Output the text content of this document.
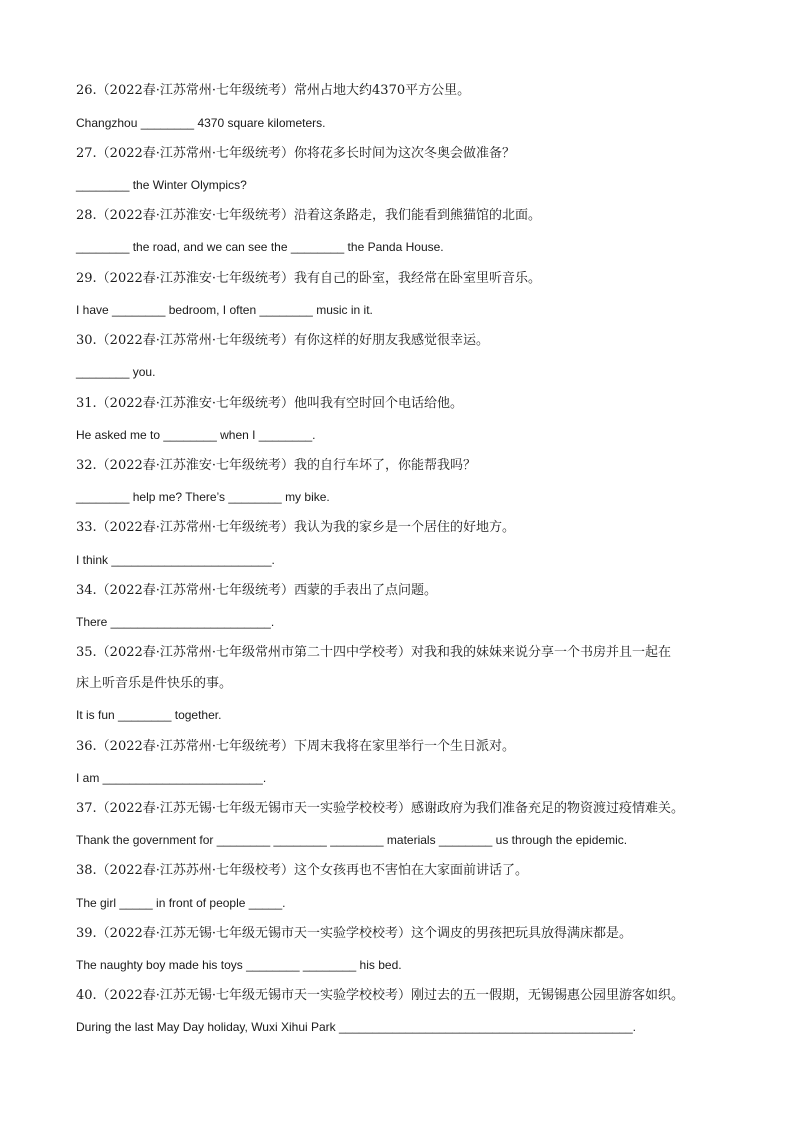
26.（2022春·江苏常州·七年级统考）常州占地大约4370平方公里。
Changzhou ________ 4370 square kilometers.
27.（2022春·江苏常州·七年级统考）你将花多长时间为这次冬奥会做准备？
________ the Winter Olympics?
28.（2022春·江苏淮安·七年级统考）沿着这条路走，我们能看到熊猫馆的北面。
________ the road, and we can see the ________ the Panda House.
29.（2022春·江苏淮安·七年级统考）我有自己的卧室，我经常在卧室里听音乐。
I have ________ bedroom, I often ________ music in it.
30.（2022春·江苏常州·七年级统考）有你这样的好朋友我感觉很幸运。
________ you.
31.（2022春·江苏淮安·七年级统考）他叫我有空时回个电话给他。
He asked me to ________ when I ________.
32.（2022春·江苏淮安·七年级统考）我的自行车坏了，你能帮我吗？
________ help me? There’s ________ my bike.
33.（2022春·江苏常州·七年级统考）我认为我的家乡是一个居住的好地方。
I think ________________________.
34.（2022春·江苏常州·七年级统考）西蒙的手表出了点问题。
There ________________________.
35.（2022春·江苏常州·七年级常州市第二十四中学校考）对我和我的妹妹来说分享一个书房并且一起在
床上听音乐是件快乐的事。
It is fun ________ together.
36.（2022春·江苏常州·七年级统考）下周末我将在家里举行一个生日派对。
I am ________________________.
37.（2022春·江苏无锡·七年级无锡市天一实验学校校考）感谢政府为我们准备充足的物资渡过疫情难关。
Thank the government for ________ ________ ________ materials ________ us through the epidemic.
38.（2022春·江苏苏州·七年级校考）这个女孩再也不害怕在大家面前讲话了。
The girl _____ in front of people _____.
39.（2022春·江苏无锡·七年级无锡市天一实验学校校考）这个调皮的男孩把玩具放得满床都是。
The naughty boy made his toys ________ ________ his bed.
40.（2022春·江苏无锡·七年级无锡市天一实验学校校考）刚过去的五一假期，无锡锡惠公园里游客如织。
During the last May Day holiday, Wuxi Xihui Park ____________________________________________.
